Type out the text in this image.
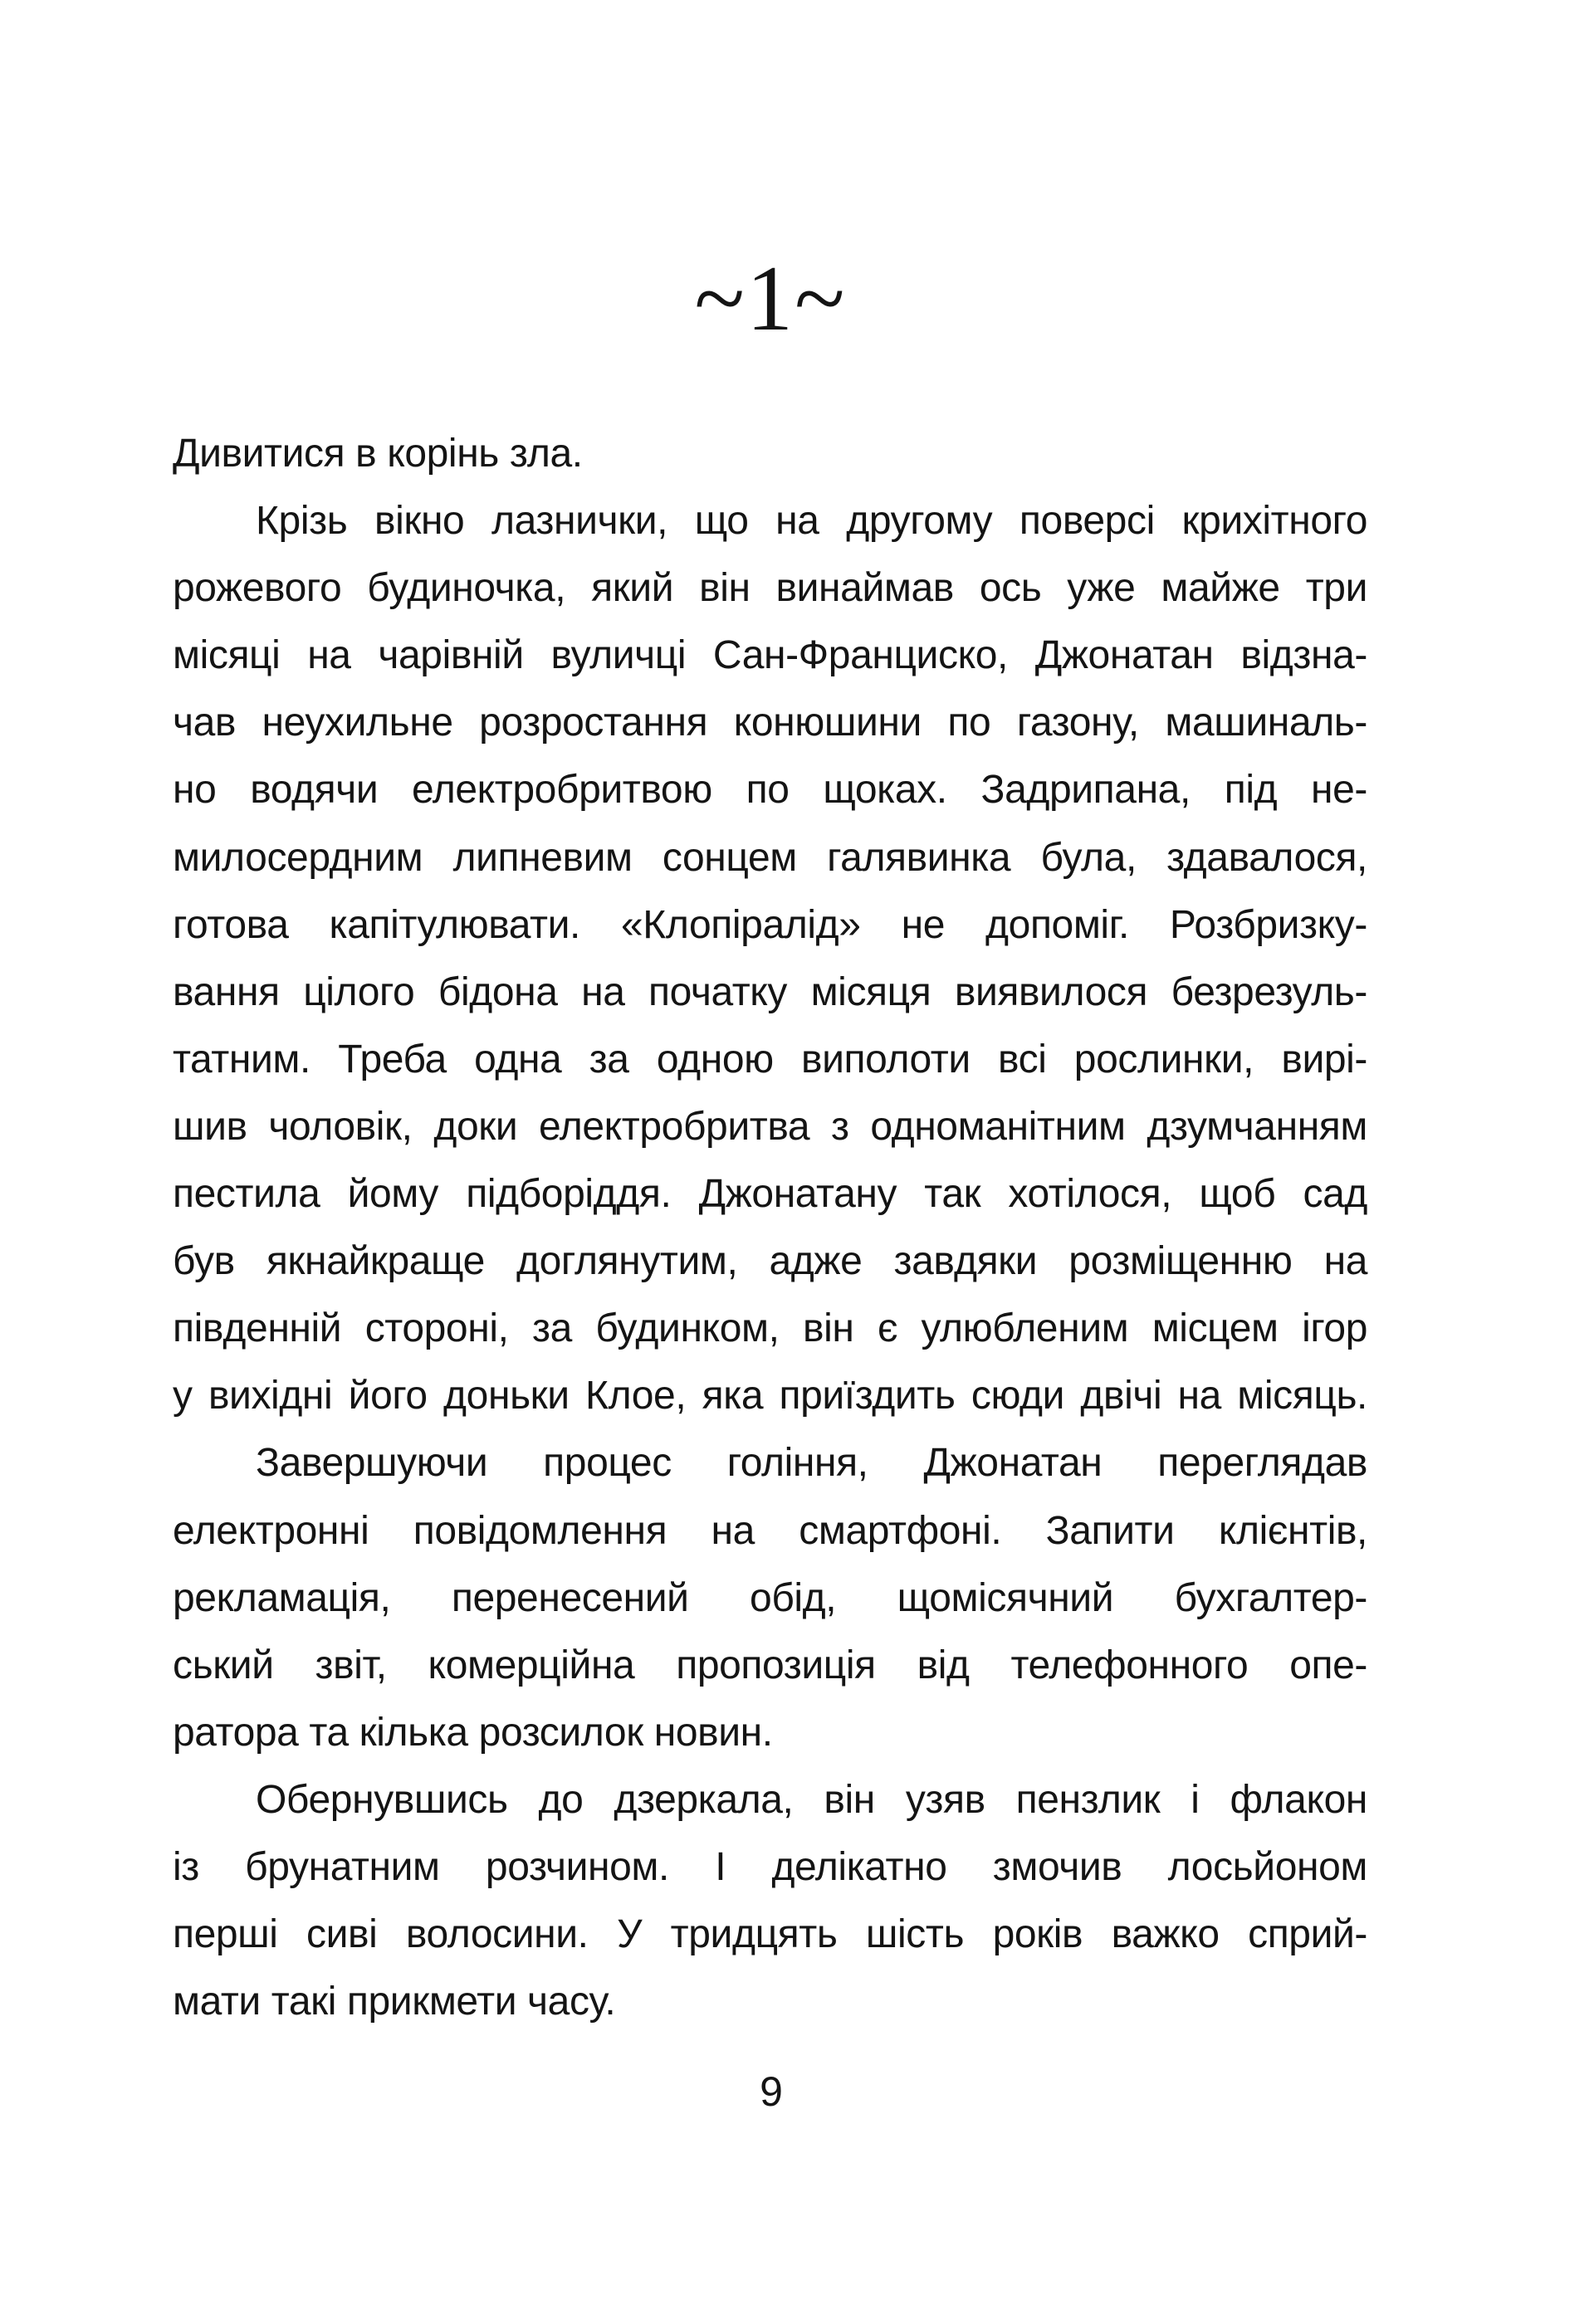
~1~
Дивитися в корінь зла.
Крізь вікно лазнички, що на другому поверсі крихітного
рожевого будиночка, який він винаймав ось уже майже три
місяці на чарівній вуличці Сан-Франциско, Джонатан відзна-
чав неухильне розростання конюшини по газону, машиналь-
но водячи електробритвою по щоках. Задрипана, під не-
милосердним липневим сонцем галявинка була, здавалося,
готова капітулювати. «Клопіралід» не допоміг. Розбризку-
вання цілого бідона на початку місяця виявилося безрезуль-
татним. Треба одна за одною виполоти всі рослинки, вирі-
шив чоловік, доки електробритва з одноманітним дзумчанням
пестила йому підборіддя. Джонатану так хотілося, щоб сад
був якнайкраще доглянутим, адже завдяки розміщенню на
південній стороні, за будинком, він є улюбленим місцем ігор
у вихідні його доньки Клое, яка приїздить сюди двічі на місяць.
Завершуючи процес гоління, Джонатан переглядав
електронні повідомлення на смартфоні. Запити клієнтів,
рекламація, перенесений обід, щомісячний бухгалтер-
ський звіт, комерційна пропозиція від телефонного опе-
ратора та кілька розсилок новин.
Обернувшись до дзеркала, він узяв пензлик і флакон
із брунатним розчином. І делікатно змочив лосьйоном
перші сиві волосини. У тридцять шість років важко сприй-
мати такі прикмети часу.
9
